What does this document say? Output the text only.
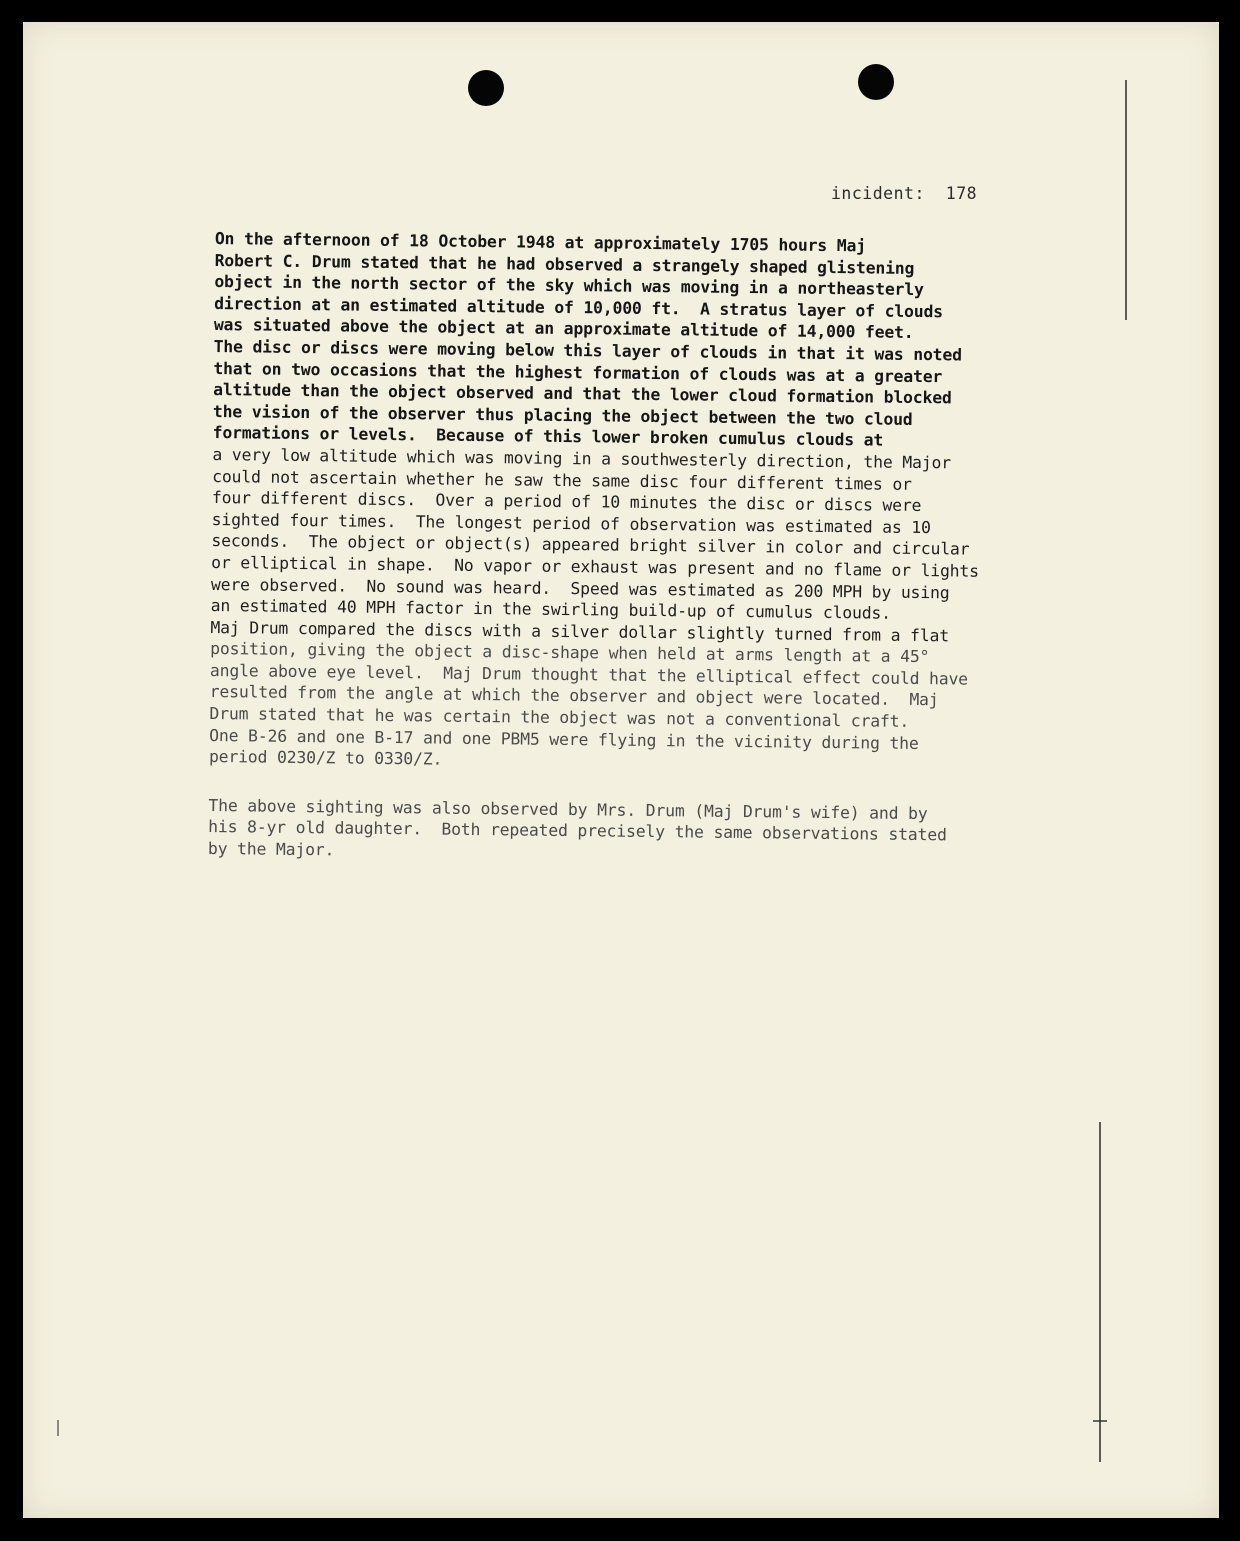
incident:  178
On the afternoon of 18 October 1948 at approximately 1705 hours Maj
Robert C. Drum stated that he had observed a strangely shaped glistening
object in the north sector of the sky which was moving in a northeasterly
direction at an estimated altitude of 10,000 ft.  A stratus layer of clouds
was situated above the object at an approximate altitude of 14,000 feet.
The disc or discs were moving below this layer of clouds in that it was noted
that on two occasions that the highest formation of clouds was at a greater
altitude than the object observed and that the lower cloud formation blocked
the vision of the observer thus placing the object between the two cloud
formations or levels.  Because of this lower broken cumulus clouds at
a very low altitude which was moving in a southwesterly direction, the Major
could not ascertain whether he saw the same disc four different times or
four different discs.  Over a period of 10 minutes the disc or discs were
sighted four times.  The longest period of observation was estimated as 10
seconds.  The object or object(s) appeared bright silver in color and circular
or elliptical in shape.  No vapor or exhaust was present and no flame or lights
were observed.  No sound was heard.  Speed was estimated as 200 MPH by using
an estimated 40 MPH factor in the swirling build-up of cumulus clouds.
Maj Drum compared the discs with a silver dollar slightly turned from a flat
position, giving the object a disc-shape when held at arms length at a 45°
angle above eye level.  Maj Drum thought that the elliptical effect could have
resulted from the angle at which the observer and object were located.  Maj
Drum stated that he was certain the object was not a conventional craft.
One B-26 and one B-17 and one PBM5 were flying in the vicinity during the
period 0230/Z to 0330/Z.
The above sighting was also observed by Mrs. Drum (Maj Drum's wife) and by
his 8-yr old daughter.  Both repeated precisely the same observations stated
by the Major.
